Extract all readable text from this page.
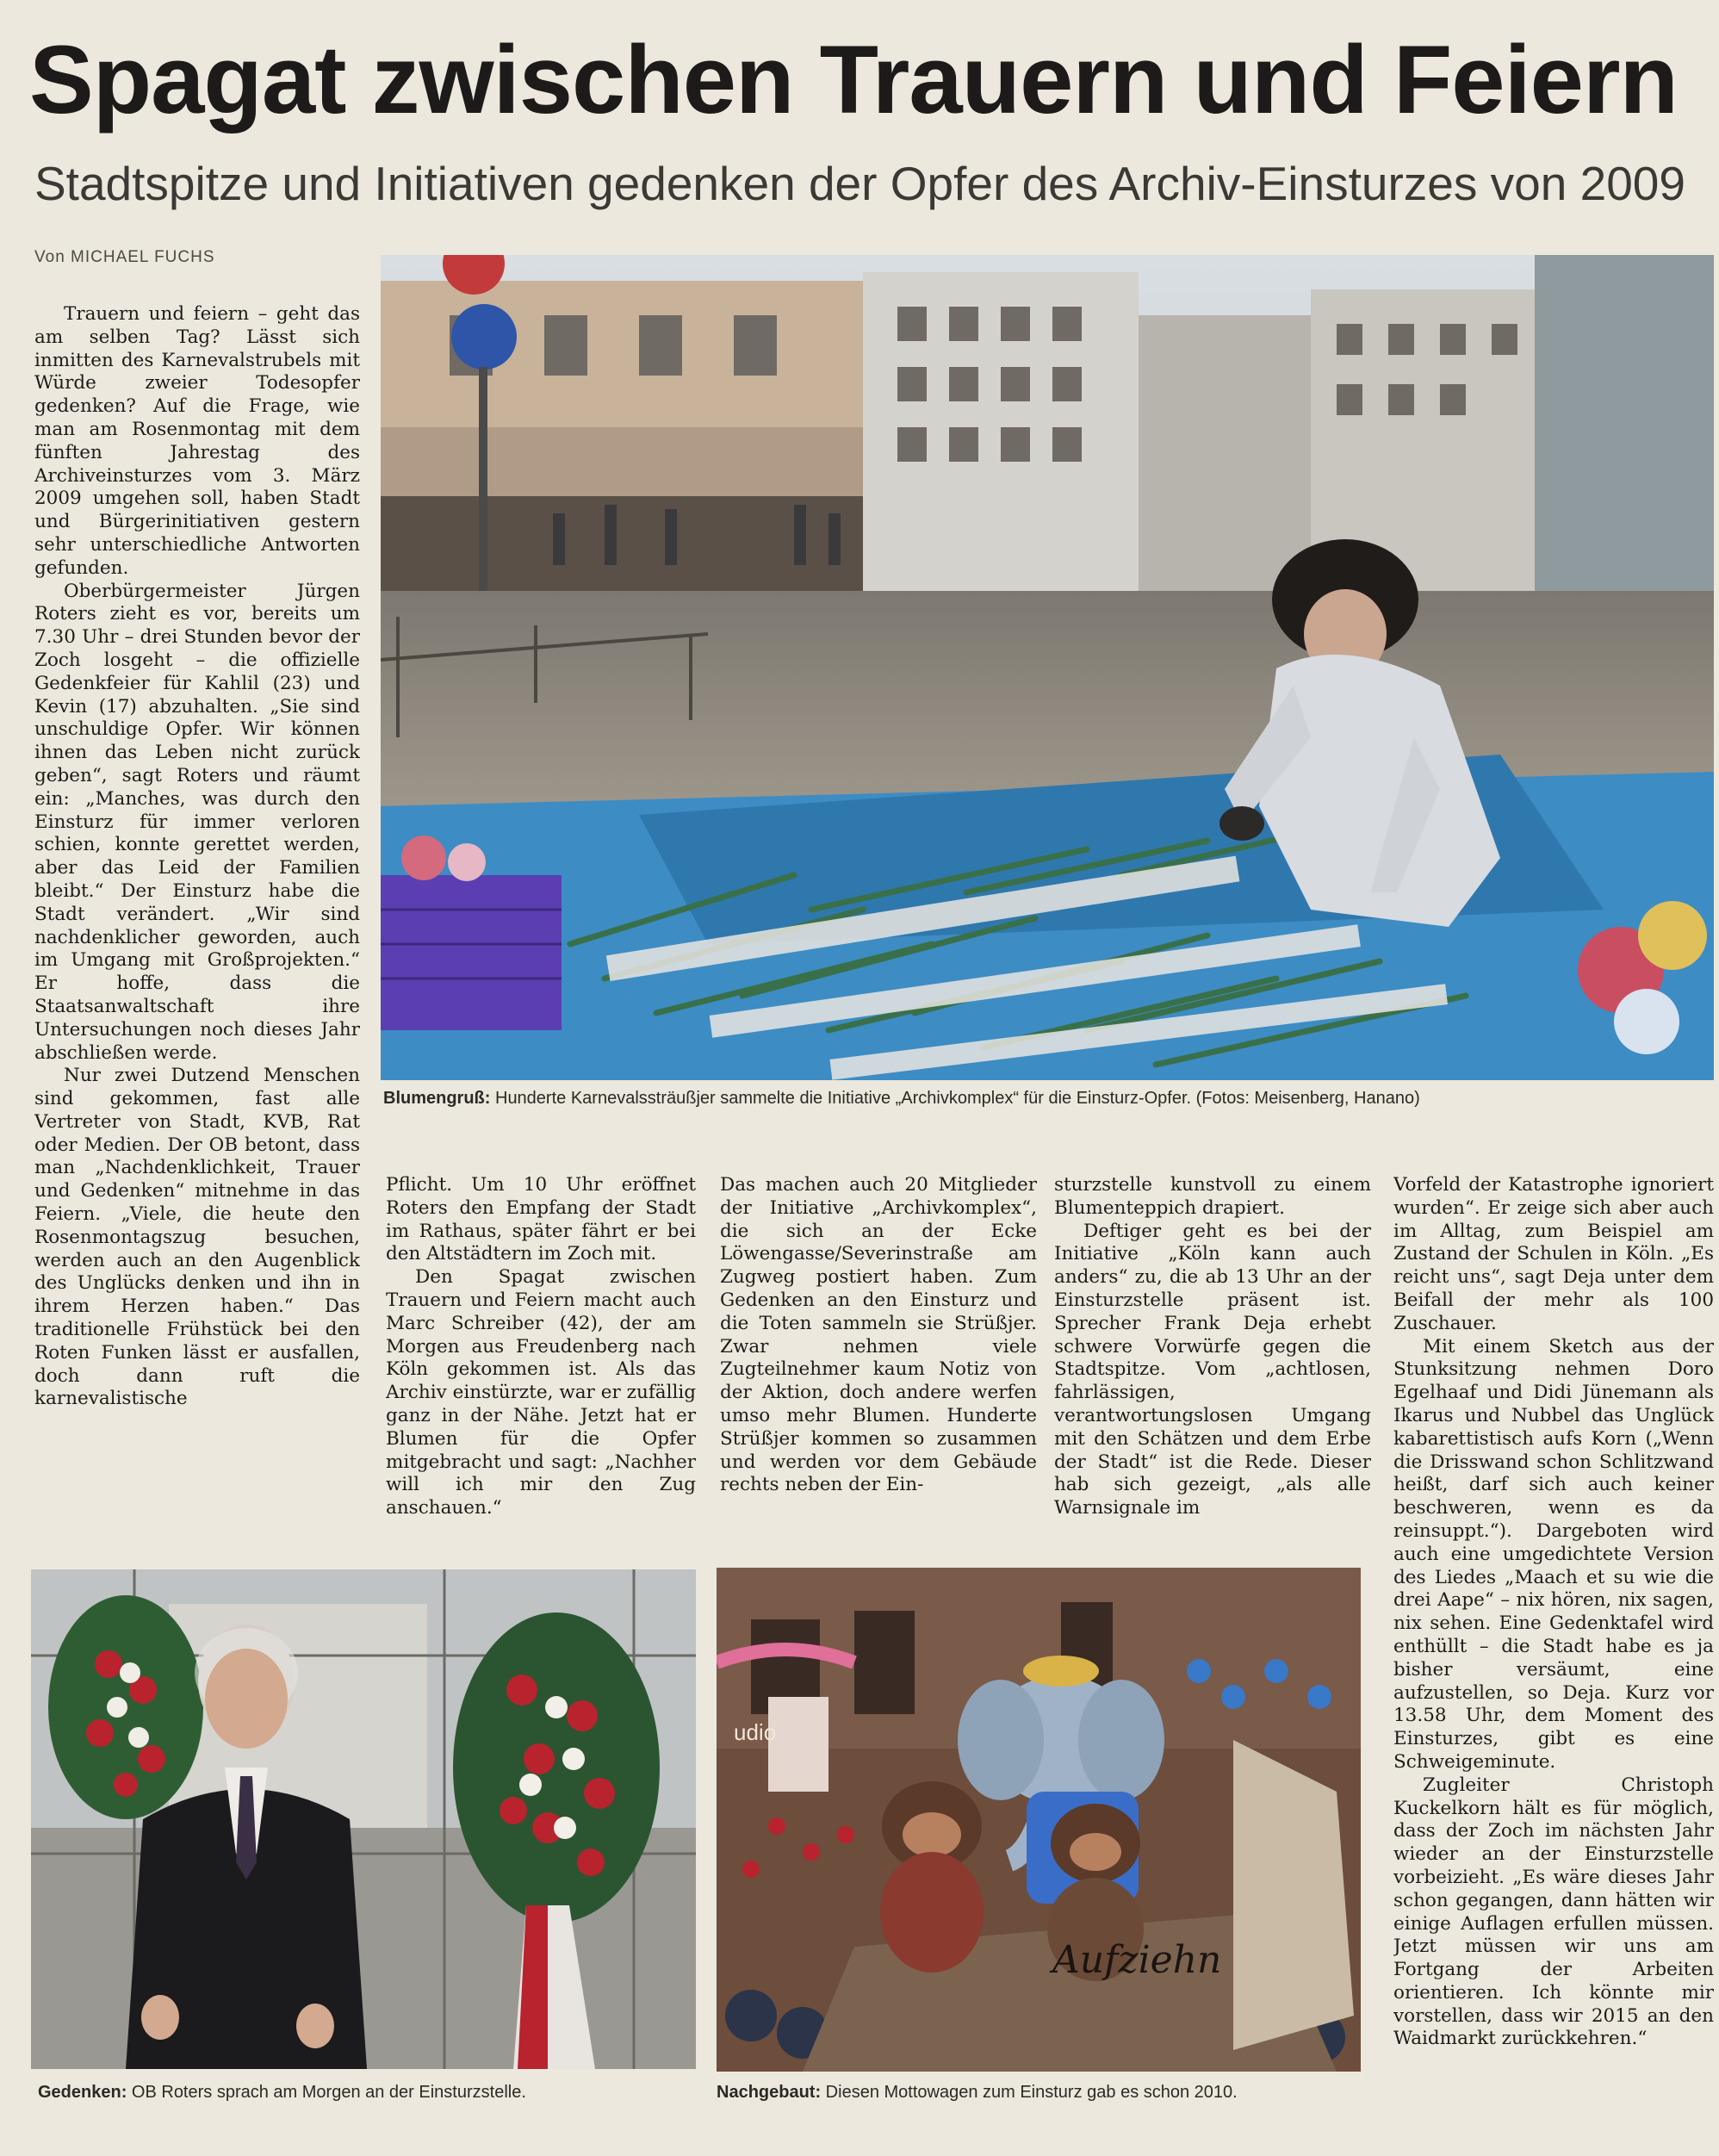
Spagat zwischen Trauern und Feiern
Stadtspitze und Initiativen gedenken der Opfer des Archiv-Einsturzes von 2009
Von MICHAEL FUCHS

Trauern und feiern – geht das am selben Tag? Lässt sich inmitten des Karnevalstrubels mit Würde zweier Todesopfer gedenken? Auf die Frage, wie man am Rosenmontag mit dem fünften Jahrestag des Archiveinsturzes vom 3. März 2009 umgehen soll, haben Stadt und Bürgerinitiativen gestern sehr unterschiedliche Antworten gefunden.

Oberbürgermeister Jürgen Roters zieht es vor, bereits um 7.30 Uhr – drei Stunden bevor der Zoch losgeht – die offizielle Gedenkfeier für Kahlil (23) und Kevin (17) abzuhalten. „Sie sind unschuldige Opfer. Wir können ihnen das Leben nicht zurück geben“, sagt Roters und räumt ein: „Manches, was durch den Einsturz für immer verloren schien, konnte gerettet werden, aber das Leid der Familien bleibt.“ Der Einsturz habe die Stadt verändert. „Wir sind nachdenklicher geworden, auch im Umgang mit Großprojekten.“ Er hoffe, dass die Staatsanwaltschaft ihre Untersuchungen noch dieses Jahr abschließen werde.

Nur zwei Dutzend Menschen sind gekommen, fast alle Vertreter von Stadt, KVB, Rat oder Medien. Der OB betont, dass man „Nachdenklichkeit, Trauer und Gedenken“ mitnehme in das Feiern. „Viele, die heute den Rosenmontagszug besuchen, werden auch an den Augenblick des Unglücks denken und ihn in ihrem Herzen haben.“ Das traditionelle Frühstück bei den Roten Funken lässt er ausfallen, doch dann ruft die karnevalistische

Blumengruß: Hunderte Karnevalssträußjer sammelte die Initiative „Archivkomplex“ für die Einsturz-Opfer. (Fotos: Meisenberg, Hanano)

Pflicht. Um 10 Uhr eröffnet Roters den Empfang der Stadt im Rathaus, später fährt er bei den Altstädtern im Zoch mit.

Den Spagat zwischen Trauern und Feiern macht auch Marc Schreiber (42), der am Morgen aus Freudenberg nach Köln gekommen ist. Als das Archiv einstürzte, war er zufällig ganz in der Nähe. Jetzt hat er Blumen für die Opfer mitgebracht und sagt: „Nachher will ich mir den Zug anschauen.“

Das machen auch 20 Mitglieder der Initiative „Archivkomplex“, die sich an der Ecke Löwengasse/Severinstraße am Zugweg postiert haben. Zum Gedenken an den Einsturz und die Toten sammeln sie Strüßjer. Zwar nehmen viele Zugteilnehmer kaum Notiz von der Aktion, doch andere werfen umso mehr Blumen. Hunderte Strüßjer kommen so zusammen und werden vor dem Gebäude rechts neben der Ein-

sturzstelle kunstvoll zu einem Blumenteppich drapiert.

Deftiger geht es bei der Initiative „Köln kann auch anders“ zu, die ab 13 Uhr an der Einsturzstelle präsent ist. Sprecher Frank Deja erhebt schwere Vorwürfe gegen die Stadtspitze. Vom „achtlosen, fahrlässigen, verantwortungslosen Umgang mit den Schätzen und dem Erbe der Stadt“ ist die Rede. Dieser hab sich gezeigt, „als alle Warnsignale im

Vorfeld der Katastrophe ignoriert wurden“. Er zeige sich aber auch im Alltag, zum Beispiel am Zustand der Schulen in Köln. „Es reicht uns“, sagt Deja unter dem Beifall der mehr als 100 Zuschauer.

Mit einem Sketch aus der Stunksitzung nehmen Doro Egelhaaf und Didi Jünemann als Ikarus und Nubbel das Unglück kabarettistisch aufs Korn („Wenn die Drisswand schon Schlitzwand heißt, darf sich auch keiner beschweren, wenn es da reinsuppt.“). Dargeboten wird auch eine umgedichtete Version des Liedes „Maach et su wie die drei Aape“ – nix hören, nix sagen, nix sehen. Eine Gedenktafel wird enthüllt – die Stadt habe es ja bisher versäumt, eine aufzustellen, so Deja. Kurz vor 13.58 Uhr, dem Moment des Einsturzes, gibt es eine Schweigeminute.

Zugleiter Christoph Kuckelkorn hält es für möglich, dass der Zoch im nächsten Jahr wieder an der Einsturzstelle vorbeizieht. „Es wäre dieses Jahr schon gegangen, dann hätten wir einige Auflagen erfullen müssen. Jetzt müssen wir uns am Fortgang der Arbeiten orientieren. Ich könnte mir vorstellen, dass wir 2015 an den Waidmarkt zurückkehren.“

Gedenken: OB Roters sprach am Morgen an der Einsturzstelle.
udio
Aufziehn
Nachgebaut: Diesen Mottowagen zum Einsturz gab es schon 2010.
